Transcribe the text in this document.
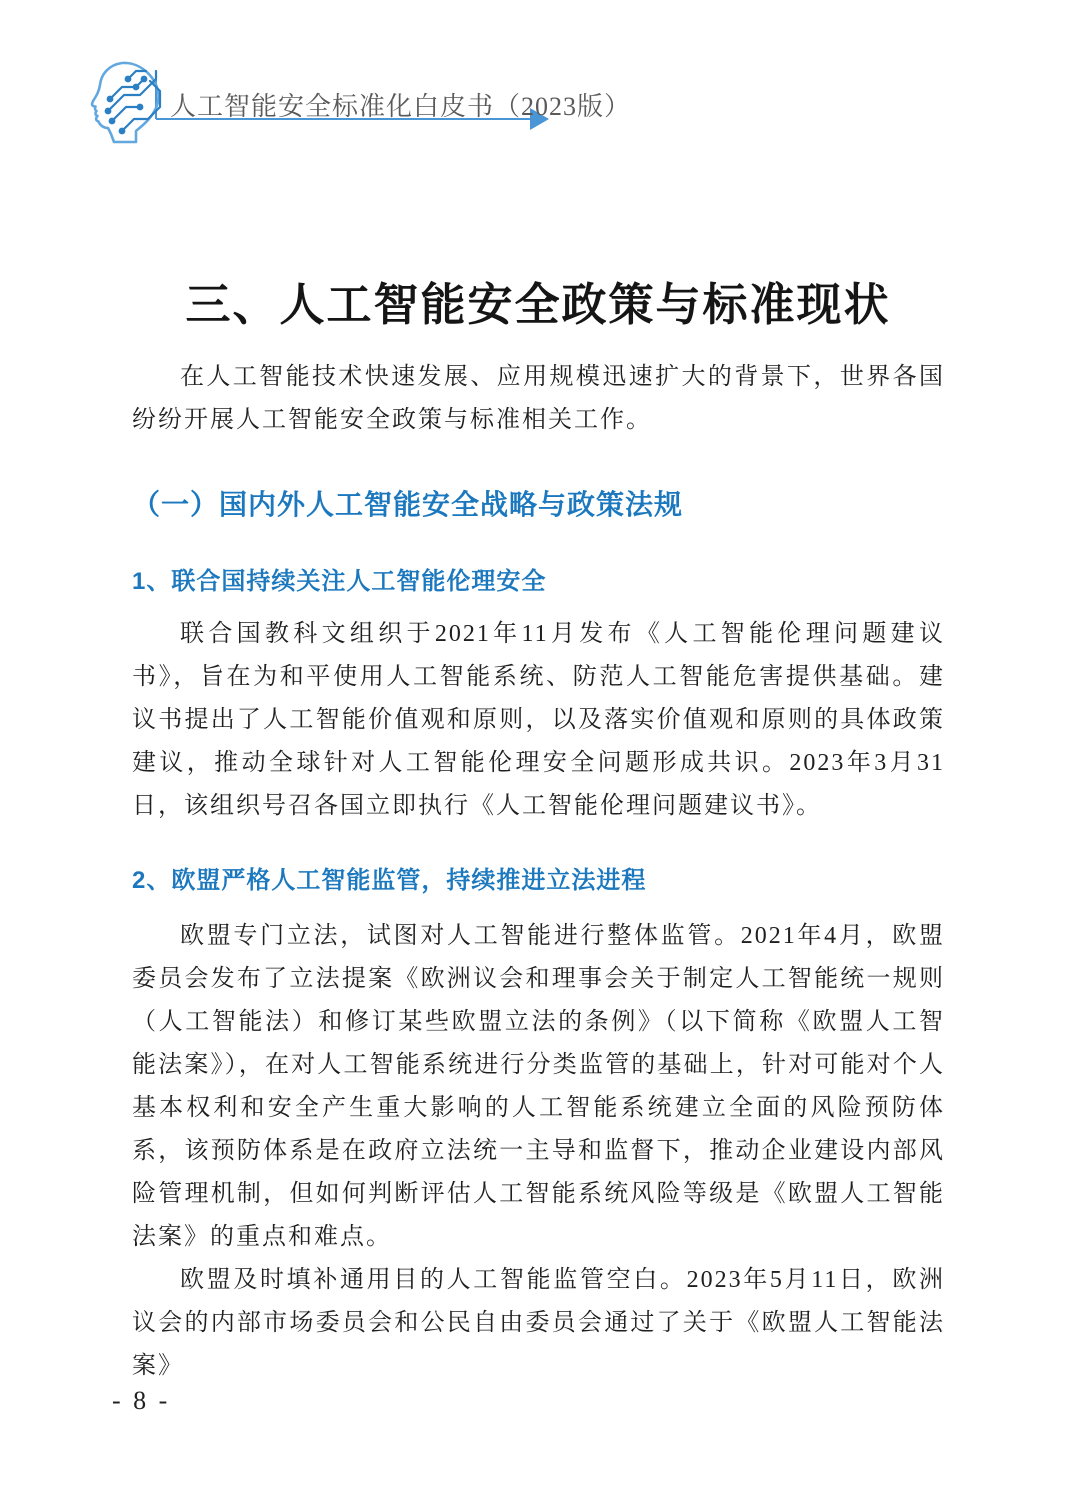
人工智能安全标准化白皮书（2023版）
三、人工智能安全政策与标准现状

在人工智能技术快速发展、应用规模迅速扩大的背景下，世界各国纷纷开展人工智能安全政策与标准相关工作。

（一）国内外人工智能安全战略与政策法规
1、联合国持续关注人工智能伦理安全

联合国教科文组织于2021年11月发布《人工智能伦理问题建议书》，旨在为和平使用人工智能系统、防范人工智能危害提供基础。建议书提出了人工智能价值观和原则，以及落实价值观和原则的具体政策建议，推动全球针对人工智能伦理安全问题形成共识。2023年3月31日，该组织号召各国立即执行《人工智能伦理问题建议书》。

2、欧盟严格人工智能监管，持续推进立法进程

欧盟专门立法，试图对人工智能进行整体监管。2021年4月，欧盟委员会发布了立法提案《欧洲议会和理事会关于制定人工智能统一规则（人工智能法）和修订某些欧盟立法的条例》（以下简称《欧盟人工智能法案》），在对人工智能系统进行分类监管的基础上，针对可能对个人基本权利和安全产生重大影响的人工智能系统建立全面的风险预防体系，该预防体系是在政府立法统一主导和监督下，推动企业建设内部风险管理机制，但如何判断评估人工智能系统风险等级是《欧盟人工智能法案》的重点和难点。

欧盟及时填补通用目的人工智能监管空白。2023年5月11日，欧洲议会的内部市场委员会和公民自由委员会通过了关于《欧盟人工智能法案》

- 8 -
